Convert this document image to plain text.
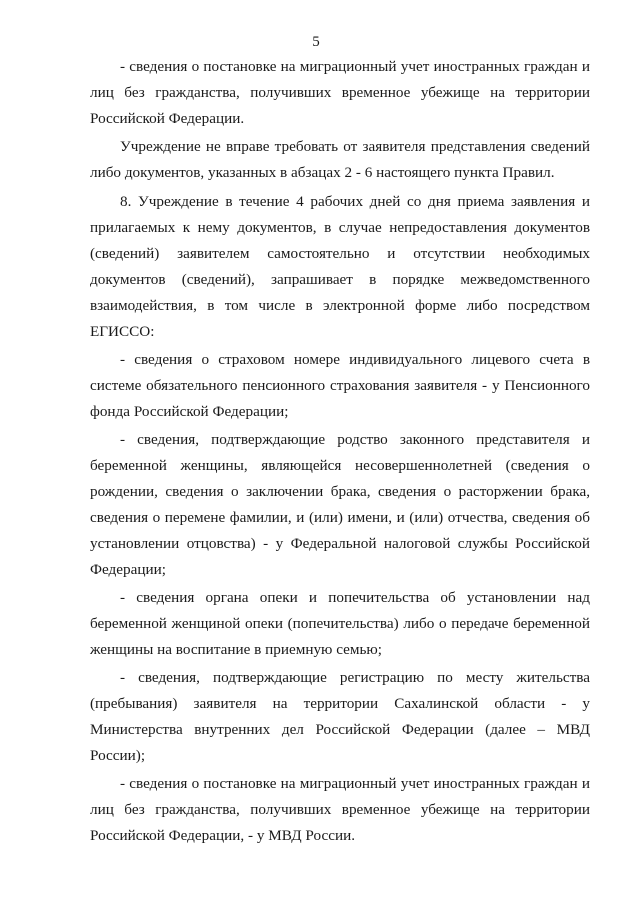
5

- сведения о постановке на миграционный учет иностранных граждан и лиц без гражданства, получивших временное убежище на территории Российской Федерации.

Учреждение не вправе требовать от заявителя представления сведений либо документов, указанных в абзацах 2 - 6 настоящего пункта Правил.

8. Учреждение в течение 4 рабочих дней со дня приема заявления и прилагаемых к нему документов, в случае непредоставления документов (сведений) заявителем самостоятельно и отсутствии необходимых документов (сведений), запрашивает в порядке межведомственного взаимодействия, в том числе в электронной форме либо посредством ЕГИССО:

- сведения о страховом номере индивидуального лицевого счета в системе обязательного пенсионного страхования заявителя - у Пенсионного фонда Российской Федерации;

- сведения, подтверждающие родство законного представителя и беременной женщины, являющейся несовершеннолетней (сведения о рождении, сведения о заключении брака, сведения о расторжении брака, сведения о перемене фамилии, и (или) имени, и (или) отчества, сведения об установлении отцовства) - у Федеральной налоговой службы Российской Федерации;

- сведения органа опеки и попечительства об установлении над беременной женщиной опеки (попечительства) либо о передаче беременной женщины на воспитание в приемную семью;

- сведения, подтверждающие регистрацию по месту жительства (пребывания) заявителя на территории Сахалинской области - у Министерства внутренних дел Российской Федерации (далее – МВД России);

- сведения о постановке на миграционный учет иностранных граждан и лиц без гражданства, получивших временное убежище на территории Российской Федерации, - у МВД России.
